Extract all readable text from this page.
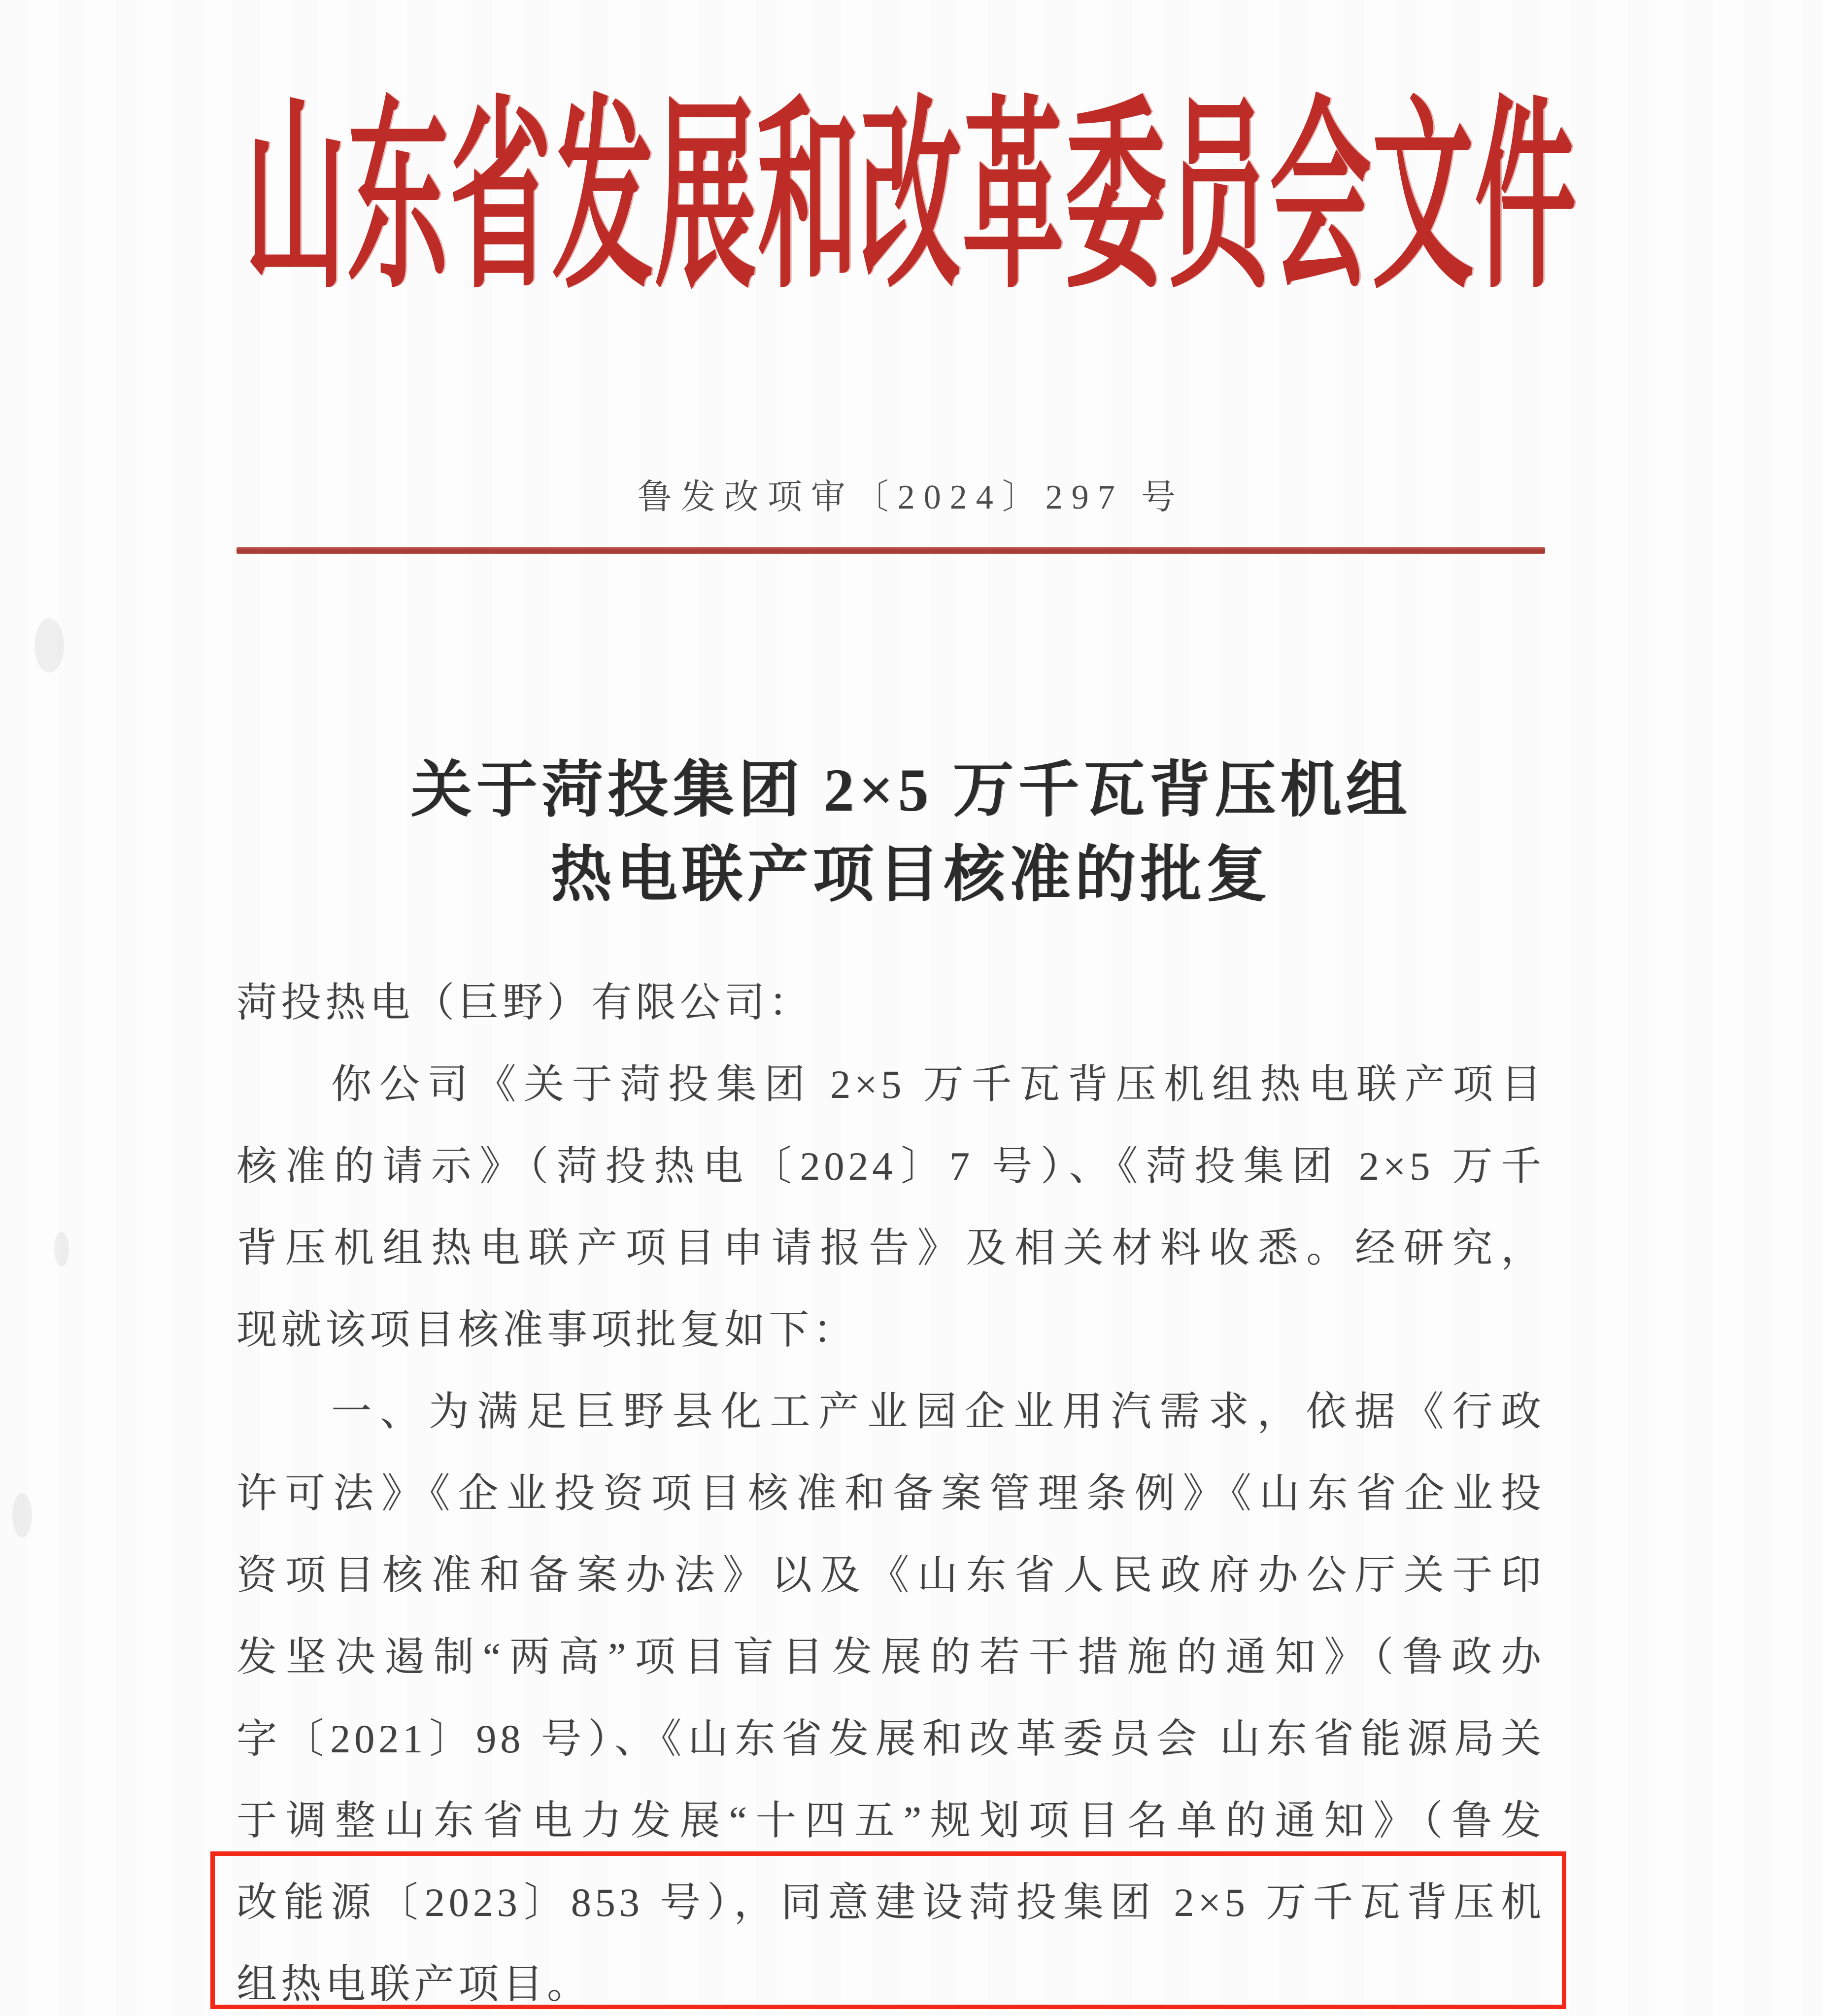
山东省发展和改革委员会文件
鲁发改项审〔2024〕297 号
关于菏投集团 2×5 万千瓦背压机组
热电联产项目核准的批复
菏投热电（巨野）有限公司：
你公司《关于菏投集团 2×5 万千瓦背压机组热电联产项目
核准的请示》（菏投热电〔2024〕7 号）、《菏投集团 2×5 万千
背压机组热电联产项目申请报告》及相关材料收悉。经研究，
现就该项目核准事项批复如下：
一、为满足巨野县化工产业园企业用汽需求，依据《行政
许可法》《企业投资项目核准和备案管理条例》《山东省企业投
资项目核准和备案办法》以及《山东省人民政府办公厅关于印
发坚决遏制“两高”项目盲目发展的若干措施的通知》（鲁政办
字〔2021〕98 号）、《山东省发展和改革委员会 山东省能源局关
于调整山东省电力发展“十四五”规划项目名单的通知》（鲁发
改能源〔2023〕853 号），同意建设菏投集团 2×5 万千瓦背压机
组热电联产项目。
